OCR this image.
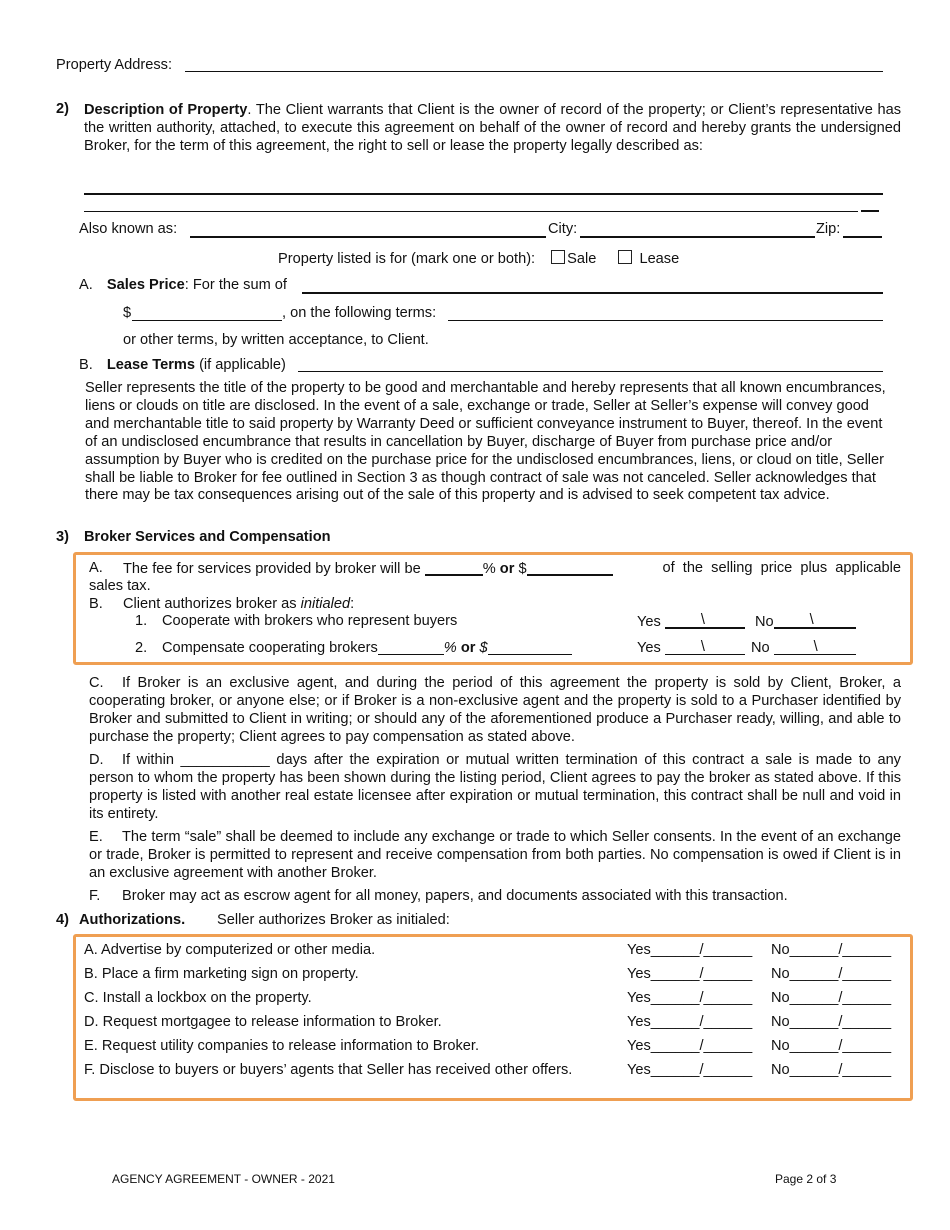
Property Address:
2) Description of Property. The Client warrants that Client is the owner of record of the property; or Client’s representative has the written authority, attached, to execute this agreement on behalf of the owner of record and hereby grants the undersigned Broker, for the term of this agreement, the right to sell or lease the property legally described as:
Also known as:	City:	Zip:
Property listed is for (mark one or both): Sale	Lease
A. Sales Price: For the sum of
$	, on the following terms:
or other terms, by written acceptance, to Client.
B. Lease Terms (if applicable)
Seller represents the title of the property to be good and merchantable and hereby represents that all known encumbrances, liens or clouds on title are disclosed. In the event of a sale, exchange or trade, Seller at Seller’s expense will convey good and merchantable title to said property by Warranty Deed or sufficient conveyance instrument to Buyer, thereof. In the event of an undisclosed encumbrance that results in cancellation by Buyer, discharge of Buyer from purchase price and/or assumption by Buyer who is credited on the purchase price for the undisclosed encumbrances, liens, or cloud on title, Seller shall be liable to Broker for fee outlined in Section 3 as though contract of sale was not canceled. Seller acknowledges that there may be tax consequences arising out of the sale of this property and is advised to seek competent tax advice.
3) Broker Services and Compensation
A. The fee for services provided by broker will be	% or $	of  the  selling  price  plus  applicable
sales tax.
B. Client authorizes broker as initialed:
1. Cooperate with brokers who represent buyers	Yes	\	No \
2. Compensate cooperating brokers	% or $	Yes	\	No	\
C. If Broker is an exclusive agent, and during the period of this agreement the property is sold by Client, Broker, a cooperating broker, or anyone else; or if Broker is a non-exclusive agent and the property is sold to a Purchaser identified by Broker and submitted to Client in writing; or should any of the aforementioned produce a Purchaser ready, willing, and able to purchase the property; Client agrees to pay compensation as stated above.
D. If within ___________ days after the expiration or mutual written termination of this contract a sale is made to any person to whom the property has been shown during the listing period, Client agrees to pay the broker as stated above. If this property is listed with another real estate licensee after expiration or mutual termination, this contract shall be null and void in its entirety.
E. The term “sale” shall be deemed to include any exchange or trade to which Seller consents. In the event of an exchange or trade, Broker is permitted to represent and receive compensation from both parties. No compensation is owed if Client is in an exclusive agreement with another Broker.
F. Broker may act as escrow agent for all money, papers, and documents associated with this transaction.
4) Authorizations. Seller authorizes Broker as initialed:
A. Advertise by computerized or other media.	Yes______/______ No______/______
B. Place a firm marketing sign on property.	Yes______/______ No______/______
C. Install a lockbox on the property.	Yes______/______ No______/______
D. Request mortgagee to release information to Broker.	Yes______/______ No______/______
E. Request utility companies to release information to Broker.	Yes______/______ No______/______
F. Disclose to buyers or buyers’ agents that Seller has received other offers.	Yes______/______ No______/______
AGENCY AGREEMENT - OWNER - 2021	Page 2 of 3
